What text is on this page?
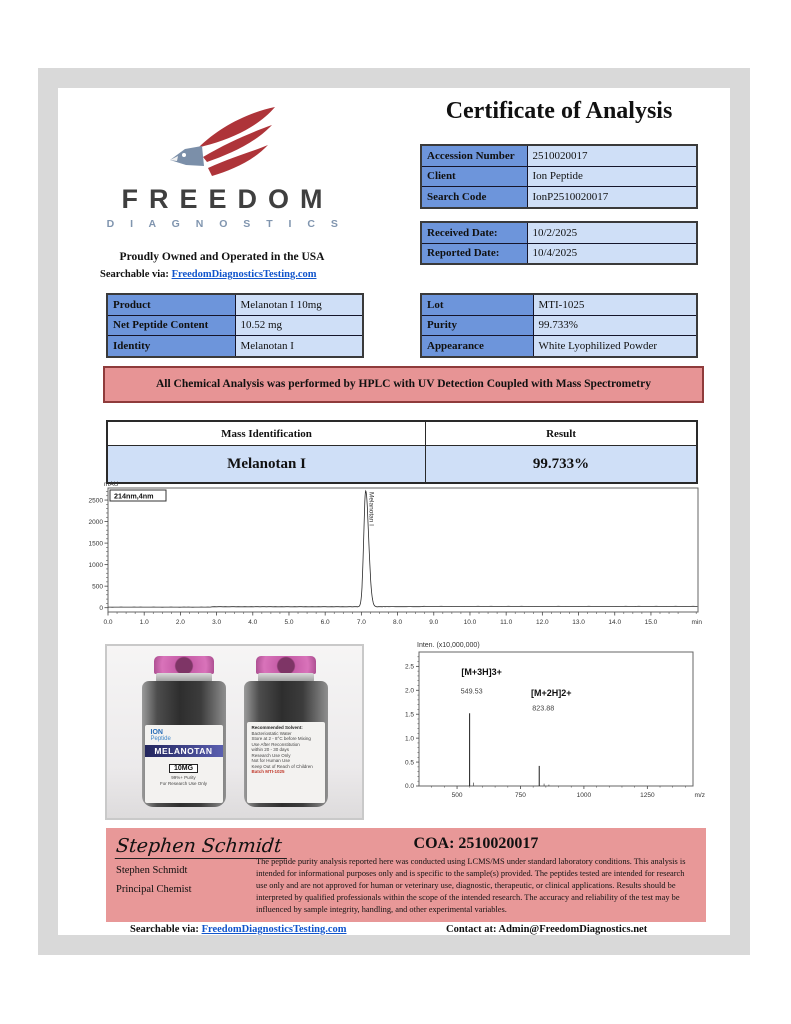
FREEDOM
D I A G N O S T I C S
Proudly Owned and Operated in the USA
Searchable via: FreedomDiagnosticsTesting.com
Certificate of Analysis
Accession Number	2510020017
Client	Ion Peptide
Search Code	IonP2510020017
Received Date:	10/2/2025
Reported Date:	10/4/2025
Product	Melanotan I 10mg
Net Peptide Content	10.52 mg
Identity	Melanotan I
Lot	MTI-1025
Purity	99.733%
Appearance	White Lyophilized Powder
All Chemical Analysis was performed by HPLC with UV Detection Coupled with Mass Spectrometry
Mass Identification	Result
Melanotan I	99.733%
mAU
0
500
1000
1500
2000
2500
0.0	1.0	2.0	3.0	4.0	5.0	6.0	7.0	8.0	9.0	10.0	11.0	12.0	13.0	14.0	15.0	min
214nm,4nm	Melanotan I
ION
Peptide
MELANOTAN
10MG
99%+ Purity
For Research Use Only
Recommended Solvent:
Bacteriostatic Water
Store at 2 - 8°C before Mixing
Use After Reconstitution
within 20 - 30 days
Research Use Only
Not for Human Use
Keep Out of Reach of Children
Batch MTI-1025
Inten. (x10,000,000)
0.0
0.5
1.0
1.5
2.0
2.5
500	750	1000	1250	m/z
[M+3H]3+
549.53	[M+2H]2+
823.88
Stephen Schmidt
Stephen Schmidt
Principal Chemist
COA: 2510020017
The peptide purity analysis reported here was conducted using LCMS/MS under standard laboratory conditions. This analysis is intended for informational purposes only and is specific to the sample(s) provided. The peptides tested are intended for research use only and are not approved for human or veterinary use, diagnostic, therapeutic, or clinical applications. Results should be interpreted by qualified professionals within the scope of the intended research. The accuracy and reliability of the test may be influenced by sample integrity, handling, and other experimental variables.
Searchable via: FreedomDiagnosticsTesting.com	Contact at: Admin@FreedomDiagnostics.net
